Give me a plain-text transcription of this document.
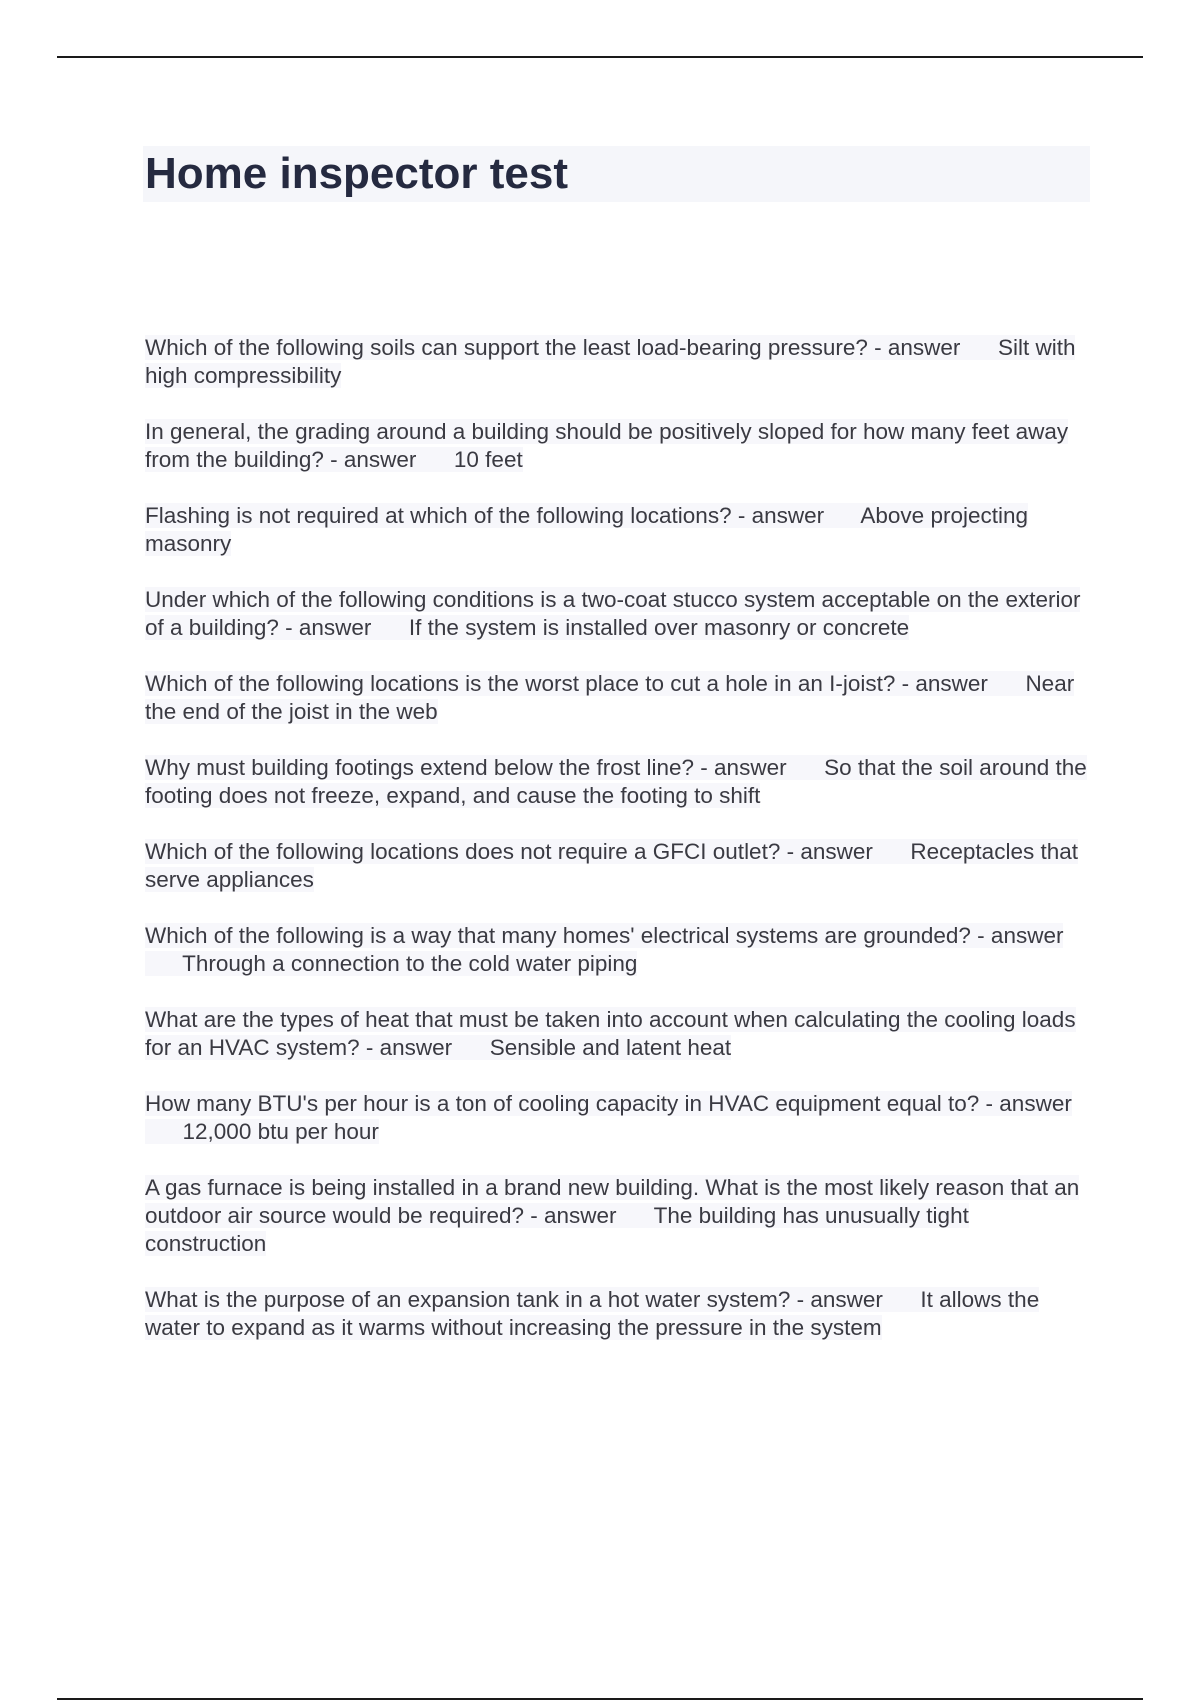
Home inspector test
Which of the following soils can support the least load-bearing pressure? - answer Silt with high compressibility
In general, the grading around a building should be positively sloped for how many feet away from the building? - answer 10 feet
Flashing is not required at which of the following locations? - answer Above projecting masonry
Under which of the following conditions is a two-coat stucco system acceptable on the exterior of a building? - answer If the system is installed over masonry or concrete
Which of the following locations is the worst place to cut a hole in an I-joist? - answer Near the end of the joist in the web
Why must building footings extend below the frost line? - answer So that the soil around the footing does not freeze, expand, and cause the footing to shift
Which of the following locations does not require a GFCI outlet? - answer Receptacles that serve appliances
Which of the following is a way that many homes' electrical systems are grounded? - answer      Through a connection to the cold water piping
What are the types of heat that must be taken into account when calculating the cooling loads for an HVAC system? - answer Sensible and latent heat
How many BTU's per hour is a ton of cooling capacity in HVAC equipment equal to? - answer      12,000 btu per hour
A gas furnace is being installed in a brand new building. What is the most likely reason that an outdoor air source would be required? - answer The building has unusually tight construction
What is the purpose of an expansion tank in a hot water system? - answer It allows the water to expand as it warms without increasing the pressure in the system
